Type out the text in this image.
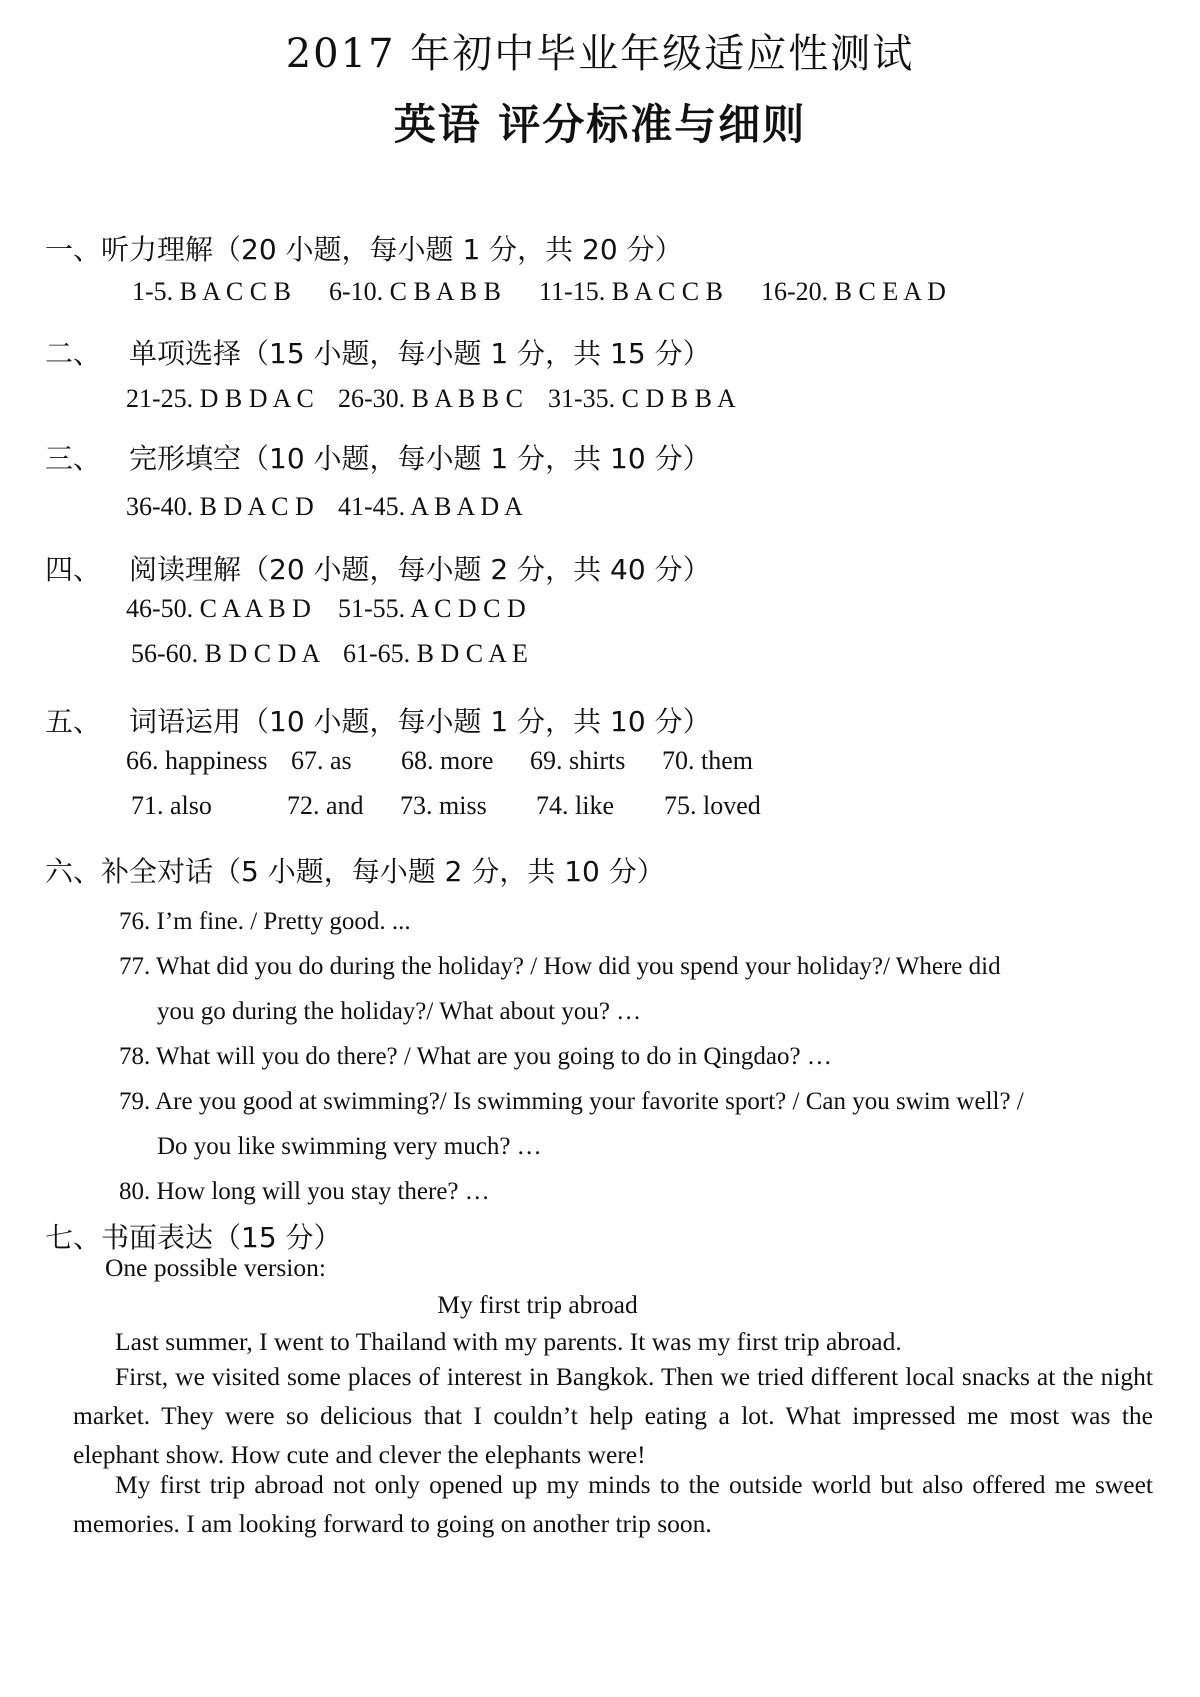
2017 年初中毕业年级适应性测试
英语 评分标准与细则
一、听力理解（20 小题，每小题 1 分，共 20 分）
1-5. B A C C B 6-10. C B A B B 11-15. B A C C B 16-20. B C E A D
二、 单项选择（15 小题，每小题 1 分，共 15 分）
21-25. D B D A C 26-30. B A B B C 31-35. C D B B A
三、 完形填空（10 小题，每小题 1 分，共 10 分）
36-40. B D A C D 41-45. A B A D A
四、 阅读理解（20 小题，每小题 2 分，共 40 分）
46-50. C A A B D 51-55. A C D C D
56-60. B D C D A 61-65. B D C A E
五、 词语运用（10 小题，每小题 1 分，共 10 分）
66. happiness 67. as 68. more 69. shirts 70. them
71. also	72. and 73. miss 74. like 75. loved
六、补全对话（5 小题，每小题 2 分，共 10 分）
76. I’m fine. / Pretty good. ...
77. What did you do during the holiday? / How did you spend your holiday?/ Where did
you go during the holiday?/ What about you? …
78. What will you do there? / What are you going to do in Qingdao? …
79. Are you good at swimming?/ Is swimming your favorite sport? / Can you swim well? /
Do you like swimming very much? …
80. How long will you stay there? …
七、书面表达（15 分）
One possible version:
My first trip abroad
Last summer, I went to Thailand with my parents. It was my first trip abroad.
First, we visited some places of interest in Bangkok. Then we tried different local snacks at the night market. They were so delicious that I couldn’t help eating a lot. What impressed me most was the elephant show. How cute and clever the elephants were!
My first trip abroad not only opened up my minds to the outside world but also offered me sweet memories. I am looking forward to going on another trip soon.
